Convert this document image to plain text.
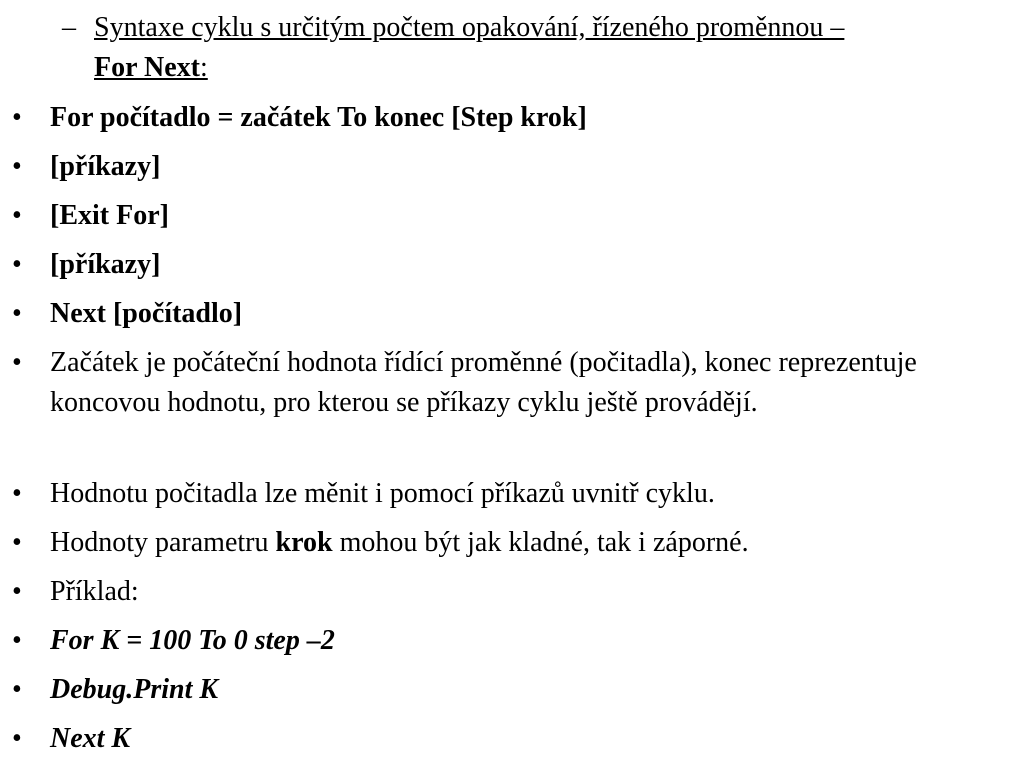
– Syntaxe cyklu s určitým počtem opakování, řízeného proměnnou –
For Next:
• For počítadlo = začátek To konec [Step krok]
• [příkazy]
• [Exit For]
• [příkazy]
• Next [počítadlo]
• Začátek je počáteční hodnota řídící proměnné (počitadla), konec reprezentuje koncovou hodnotu, pro kterou se příkazy cyklu ještě provádějí.
• Hodnotu počitadla lze měnit i pomocí příkazů uvnitř cyklu.
• Hodnoty parametru krok mohou být jak kladné, tak i záporné.
• Příklad:
• For K = 100 To 0 step –2
• Debug.Print K
• Next K
